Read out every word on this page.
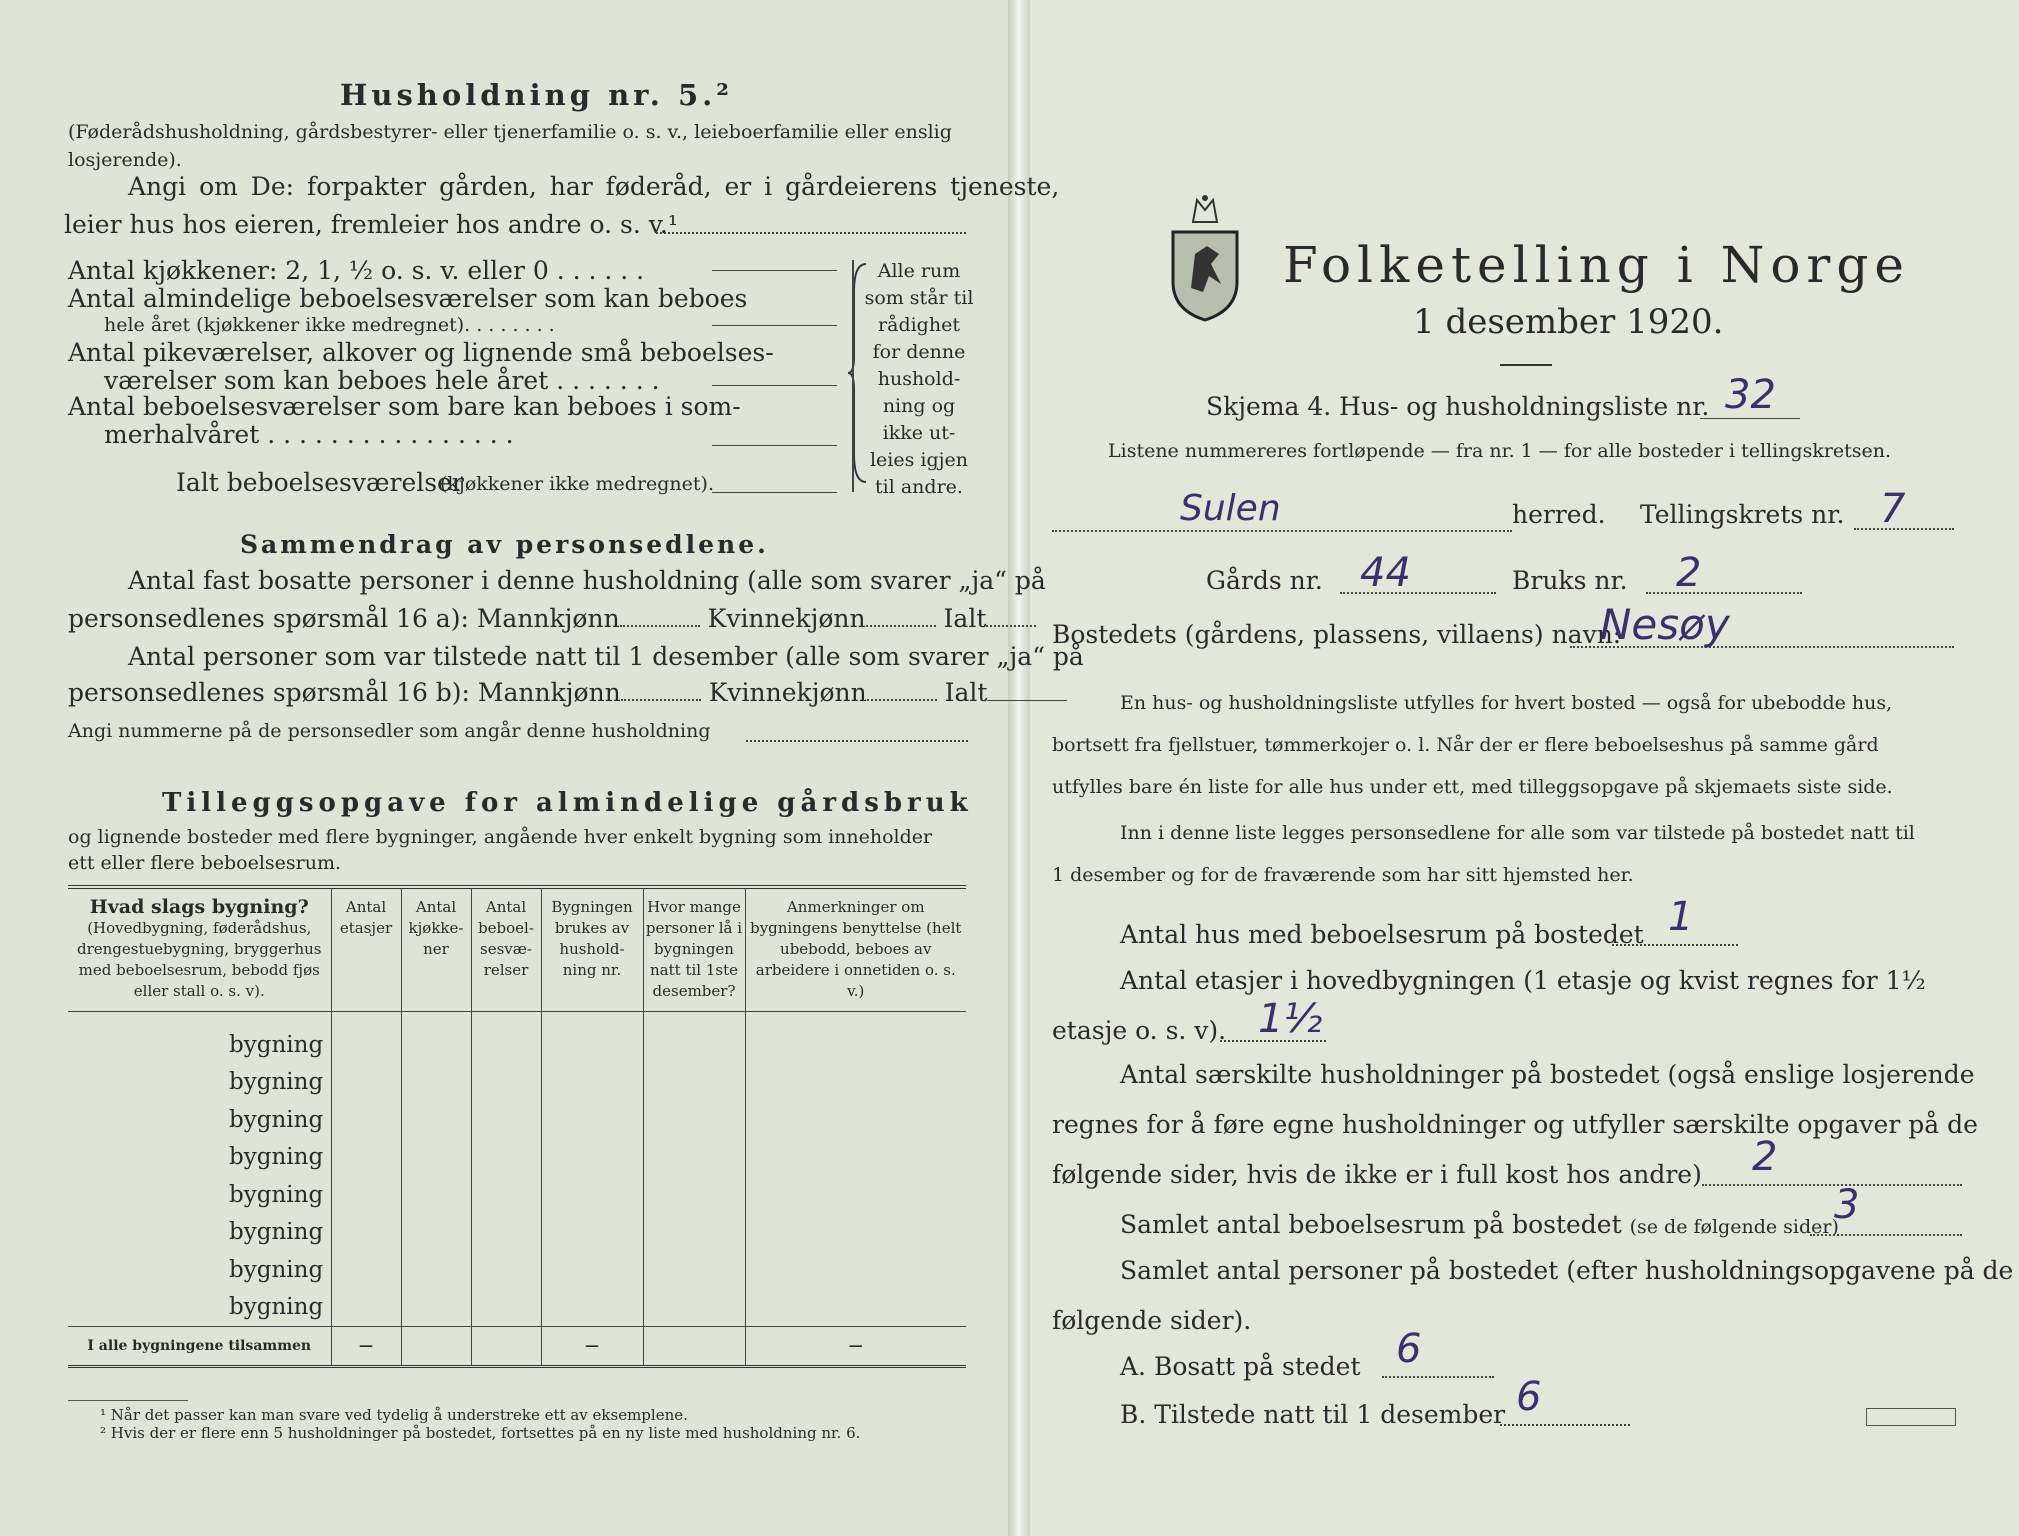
Husholdning nr. 5.²
(Føderådshusholdning, gårdsbestyrer- eller tjenerfamilie o. s. v., leieboerfamilie eller enslig losjerende).
Angi om De: forpakter gården, har føderåd, er i gårdeierens tjeneste,
leier hus hos eieren, fremleier hos andre o. s. v.¹
Antal kjøkkener: 2, 1, ½ o. s. v. eller 0 . . . . . .
Antal almindelige beboelsesværelser som kan beboes
hele året (kjøkkener ikke medregnet). . . . . . . .
Antal pikeværelser, alkover og lignende små beboelses-
værelser som kan beboes hele året . . . . . . .
Antal beboelsesværelser som bare kan beboes i som-
merhalvåret . . . . . . . . . . . . . . . .
Ialt beboelsesværelser
(kjøkkener ikke medregnet).
Alle rum
som står til
rådighet
for denne
hushold-
ning og
ikke ut-
leies igjen
til andre.
Sammendrag av personsedlene.
Antal fast bosatte personer i denne husholdning (alle som svarer „ja“ på
personsedlenes spørsmål 16 a): Mannkjønn	Kvinnekjønn	Ialt
Antal personer som var tilstede natt til 1 desember (alle som svarer „ja“ på
personsedlenes spørsmål 16 b): Mannkjønn	Kvinnekjønn	Ialt
Angi nummerne på de personsedler som angår denne husholdning
Tilleggsopgave for almindelige gårdsbruk
og lignende bosteder med flere bygninger, angående hver enkelt bygning som inneholder
ett eller flere beboelsesrum.
Hvad slags bygning?
(Hovedbygning, føderådshus, drengestuebygning, bryggerhus med beboelsesrum, bebodd fjøs eller stall o. s. v).	Antal etasjer	Antal kjøkke-ner	Antal beboel-sesvæ-relser	Bygningen brukes av hushold-ning nr.	Hvor mange personer lå i bygningen natt til 1ste desember?	Anmerkninger om bygningens benyttelse (helt ubebodd, beboes av arbeidere i onnetiden o. s. v.)

bygning						
bygning						
bygning						
bygning						
bygning						
bygning						
bygning						
bygning						
I alle bygningene tilsammen	—			—		—
¹ Når det passer kan man svare ved tydelig å understreke ett av eksemplene.
² Hvis der er flere enn 5 husholdninger på bostedet, fortsettes på en ny liste med husholdning nr. 6.
Folketelling i Norge
1 desember 1920.
Skjema 4. Hus- og husholdningsliste nr. 32
Listene nummereres fortløpende — fra nr. 1 — for alle bosteder i tellingskretsen.
Sulen	herred. Tellingskrets nr. 7
Gårds nr. 44	Bruks nr. 2
Bostedets (gårdens, plassens, villaens) navn:
Nesøy
En hus- og husholdningsliste utfylles for hvert bosted — også for ubebodde hus,
bortsett fra fjellstuer, tømmerkojer o. l. Når der er flere beboelseshus på samme gård
utfylles bare én liste for alle hus under ett, med tilleggsopgave på skjemaets siste side.
Inn i denne liste legges personsedlene for alle som var tilstede på bostedet natt til
1 desember og for de fraværende som har sitt hjemsted her.
Antal hus med beboelsesrum på bostedet 1
Antal etasjer i hovedbygningen (1 etasje og kvist regnes for 1½
etasje o. s. v). 1½
Antal særskilte husholdninger på bostedet (også enslige losjerende
regnes for å føre egne husholdninger og utfyller særskilte opgaver på de
følgende sider, hvis de ikke er i full kost hos andre) 2
Samlet antal beboelsesrum på bostedet (se de følgende sider)
3
Samlet antal personer på bostedet (efter husholdningsopgavene på de
følgende sider).
A. Bosatt på stedet 6
B. Tilstede natt til 1 desember 6
